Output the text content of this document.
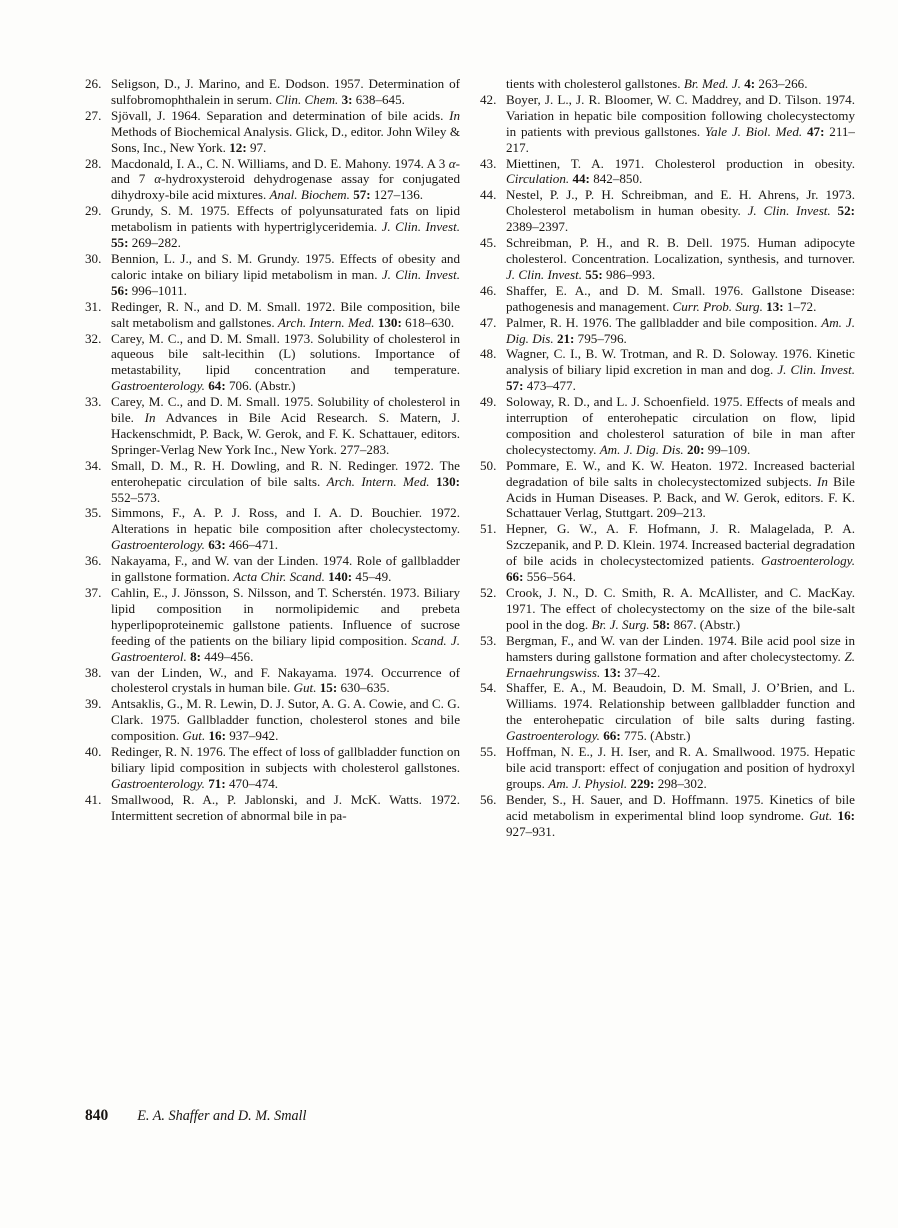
26. Seligson, D., J. Marino, and E. Dodson. 1957. Determination of sulfobromophthalein in serum. Clin. Chem. 3: 638–645.
27. Sjövall, J. 1964. Separation and determination of bile acids. In Methods of Biochemical Analysis. Glick, D., editor. John Wiley & Sons, Inc., New York. 12: 97.
28. Macdonald, I. A., C. N. Williams, and D. E. Mahony. 1974. A 3 α- and 7 α-hydroxysteroid dehydrogenase assay for conjugated dihydroxy-bile acid mixtures. Anal. Biochem. 57: 127–136.
29. Grundy, S. M. 1975. Effects of polyunsaturated fats on lipid metabolism in patients with hypertriglyceridemia. J. Clin. Invest. 55: 269–282.
30. Bennion, L. J., and S. M. Grundy. 1975. Effects of obesity and caloric intake on biliary lipid metabolism in man. J. Clin. Invest. 56: 996–1011.
31. Redinger, R. N., and D. M. Small. 1972. Bile composition, bile salt metabolism and gallstones. Arch. Intern. Med. 130: 618–630.
32. Carey, M. C., and D. M. Small. 1973. Solubility of cholesterol in aqueous bile salt-lecithin (L) solutions. Importance of metastability, lipid concentration and temperature. Gastroenterology. 64: 706. (Abstr.)
33. Carey, M. C., and D. M. Small. 1975. Solubility of cholesterol in bile. In Advances in Bile Acid Research. S. Matern, J. Hackenschmidt, P. Back, W. Gerok, and F. K. Schattauer, editors. Springer-Verlag New York Inc., New York. 277–283.
34. Small, D. M., R. H. Dowling, and R. N. Redinger. 1972. The enterohepatic circulation of bile salts. Arch. Intern. Med. 130: 552–573.
35. Simmons, F., A. P. J. Ross, and I. A. D. Bouchier. 1972. Alterations in hepatic bile composition after cholecystectomy. Gastroenterology. 63: 466–471.
36. Nakayama, F., and W. van der Linden. 1974. Role of gallbladder in gallstone formation. Acta Chir. Scand. 140: 45–49.
37. Cahlin, E., J. Jönsson, S. Nilsson, and T. Scherstén. 1973. Biliary lipid composition in normolipidemic and prebeta hyperlipoproteinemic gallstone patients. Influence of sucrose feeding of the patients on the biliary lipid composition. Scand. J. Gastroenterol. 8: 449–456.
38. van der Linden, W., and F. Nakayama. 1974. Occurrence of cholesterol crystals in human bile. Gut. 15: 630–635.
39. Antsaklis, G., M. R. Lewin, D. J. Sutor, A. G. A. Cowie, and C. G. Clark. 1975. Gallbladder function, cholesterol stones and bile composition. Gut. 16: 937–942.
40. Redinger, R. N. 1976. The effect of loss of gallbladder function on biliary lipid composition in subjects with cholesterol gallstones. Gastroenterology. 71: 470–474.
41. Smallwood, R. A., P. Jablonski, and J. McK. Watts. 1972. Intermittent secretion of abnormal bile in pa-
tients with cholesterol gallstones. Br. Med. J. 4: 263–266.
42. Boyer, J. L., J. R. Bloomer, W. C. Maddrey, and D. Tilson. 1974. Variation in hepatic bile composition following cholecystectomy in patients with previous gallstones. Yale J. Biol. Med. 47: 211–217.
43. Miettinen, T. A. 1971. Cholesterol production in obesity. Circulation. 44: 842–850.
44. Nestel, P. J., P. H. Schreibman, and E. H. Ahrens, Jr. 1973. Cholesterol metabolism in human obesity. J. Clin. Invest. 52: 2389–2397.
45. Schreibman, P. H., and R. B. Dell. 1975. Human adipocyte cholesterol. Concentration. Localization, synthesis, and turnover. J. Clin. Invest. 55: 986–993.
46. Shaffer, E. A., and D. M. Small. 1976. Gallstone Disease: pathogenesis and management. Curr. Prob. Surg. 13: 1–72.
47. Palmer, R. H. 1976. The gallbladder and bile composition. Am. J. Dig. Dis. 21: 795–796.
48. Wagner, C. I., B. W. Trotman, and R. D. Soloway. 1976. Kinetic analysis of biliary lipid excretion in man and dog. J. Clin. Invest. 57: 473–477.
49. Soloway, R. D., and L. J. Schoenfield. 1975. Effects of meals and interruption of enterohepatic circulation on flow, lipid composition and cholesterol saturation of bile in man after cholecystectomy. Am. J. Dig. Dis. 20: 99–109.
50. Pommare, E. W., and K. W. Heaton. 1972. Increased bacterial degradation of bile salts in cholecystectomized subjects. In Bile Acids in Human Diseases. P. Back, and W. Gerok, editors. F. K. Schattauer Verlag, Stuttgart. 209–213.
51. Hepner, G. W., A. F. Hofmann, J. R. Malagelada, P. A. Szczepanik, and P. D. Klein. 1974. Increased bacterial degradation of bile acids in cholecystectomized patients. Gastroenterology. 66: 556–564.
52. Crook, J. N., D. C. Smith, R. A. McAllister, and C. MacKay. 1971. The effect of cholecystectomy on the size of the bile-salt pool in the dog. Br. J. Surg. 58: 867. (Abstr.)
53. Bergman, F., and W. van der Linden. 1974. Bile acid pool size in hamsters during gallstone formation and after cholecystectomy. Z. Ernaehrungswiss. 13: 37–42.
54. Shaffer, E. A., M. Beaudoin, D. M. Small, J. O’Brien, and L. Williams. 1974. Relationship between gallbladder function and the enterohepatic circulation of bile salts during fasting. Gastroenterology. 66: 775. (Abstr.)
55. Hoffman, N. E., J. H. Iser, and R. A. Smallwood. 1975. Hepatic bile acid transport: effect of conjugation and position of hydroxyl groups. Am. J. Physiol. 229: 298–302.
56. Bender, S., H. Sauer, and D. Hoffmann. 1975. Kinetics of bile acid metabolism in experimental blind loop syndrome. Gut. 16: 927–931.
840 E. A. Shaffer and D. M. Small
